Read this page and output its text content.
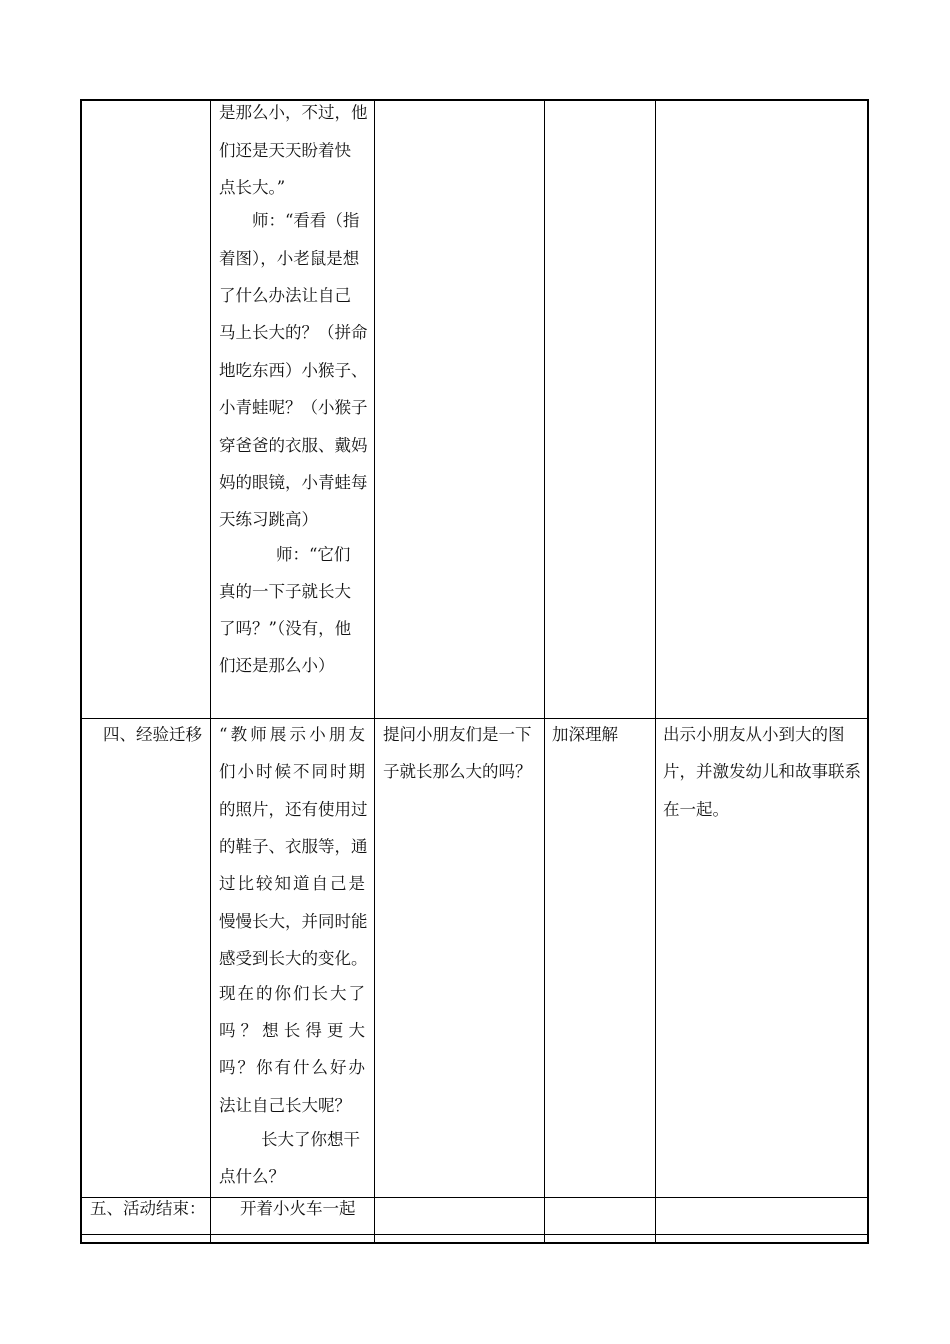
是那么小，不过，他
们还是天天盼着快
点长大。”
师：“看看（指
着图），小老鼠是想
了什么办法让自己
马上长大的？（拼命
地吃东西）小猴子、
小青蛙呢？（小猴子
穿爸爸的衣服、戴妈
妈的眼镜，小青蛙每
天练习跳高）
师：“它们
真的一下子就长大
了吗？”（没有，他
们还是那么小）
四、经验迁移 “教师展示小朋友
们小时候不同时期
的照片，还有使用过
的鞋子、衣服等，通
过比较知道自己是
慢慢长大，并同时能
感受到长大的变化。
现在的你们长大了
吗？想长得更大
吗？你有什么好办
法让自己长大呢？
长大了你想干
点什么？
提问小朋友们是一下
子就长那么大的吗？
加深理解	出示小朋友从小到大的图
片，并激发幼儿和故事联系
在一起。
五、活动结束： 开着小火车一起
